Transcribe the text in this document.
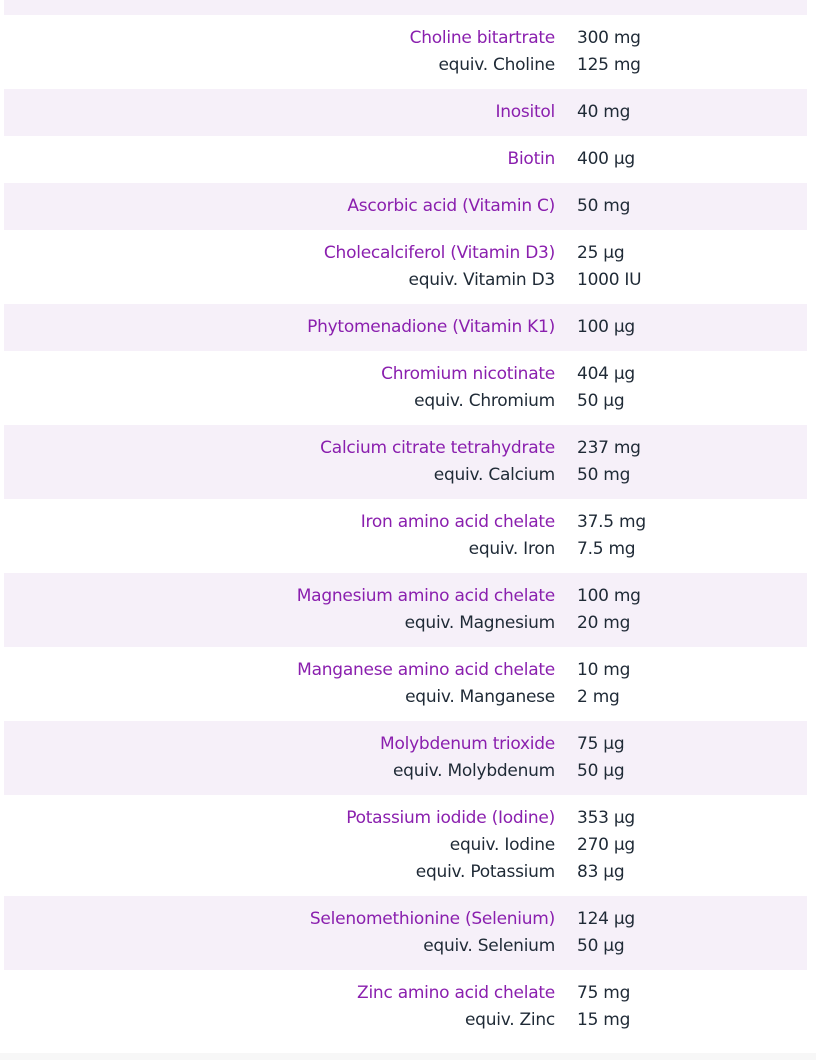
Choline bitartrate 300 mg
equiv. Choline 125 mg
Inositol 40 mg
Biotin 400 µg
Ascorbic acid (Vitamin C) 50 mg
Cholecalciferol (Vitamin D3) 25 µg
equiv. Vitamin D3 1000 IU
Phytomenadione (Vitamin K1) 100 µg
Chromium nicotinate 404 µg
equiv. Chromium 50 µg
Calcium citrate tetrahydrate 237 mg
equiv. Calcium 50 mg
Iron amino acid chelate 37.5 mg
equiv. Iron 7.5 mg
Magnesium amino acid chelate 100 mg
equiv. Magnesium 20 mg
Manganese amino acid chelate 10 mg
equiv. Manganese 2 mg
Molybdenum trioxide 75 µg
equiv. Molybdenum 50 µg
Potassium iodide (Iodine) 353 µg
equiv. Iodine 270 µg
equiv. Potassium 83 µg
Selenomethionine (Selenium) 124 µg
equiv. Selenium 50 µg
Zinc amino acid chelate 75 mg
equiv. Zinc 15 mg
